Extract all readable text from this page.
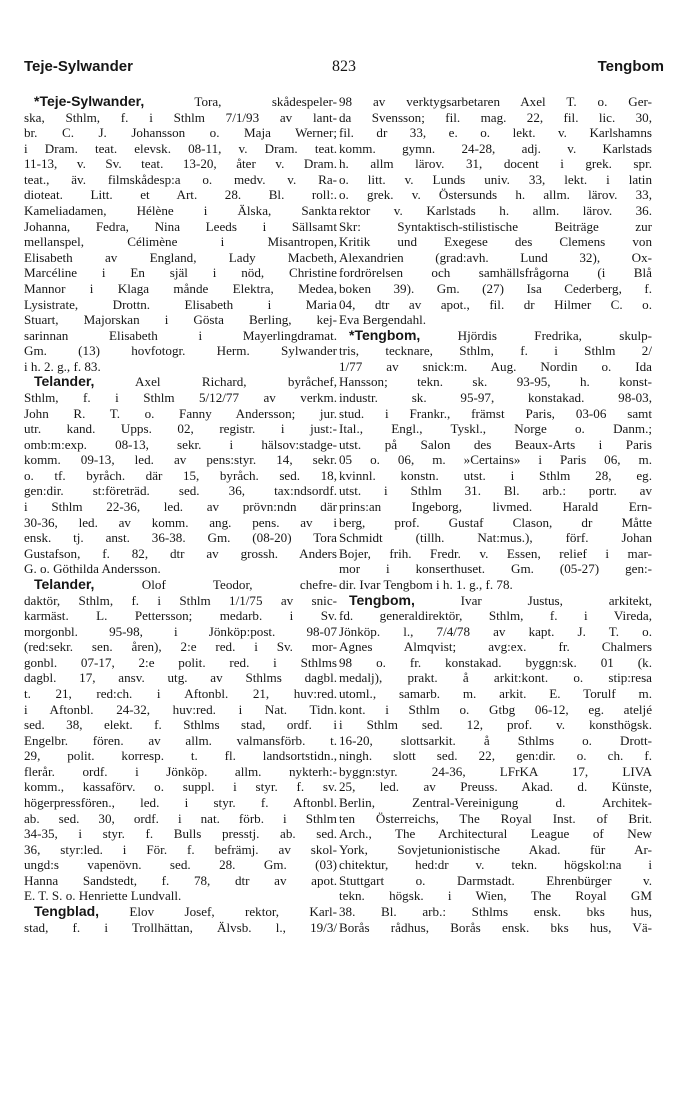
Teje-Sylwander	823	Tengbom
*Teje-Sylwander, Tora, skådespeler-
ska, Sthlm, f. i Sthlm 7/1/93 av lant-
br. C. J. Johansson o. Maja Werner;
i Dram. teat. elevsk. 08-11, v. Dram. teat.
11-13, v. Sv. teat. 13-20, åter v. Dram.
teat., äv. filmskådesp:a o. medv. v. Ra-
dioteat. Litt. et Art. 28. Bl. roll:.
Kameliadamen, Hélène i Älska, Sankta
Johanna, Fedra, Nina Leeds i Sällsamt
mellanspel, Célimène i Misantropen,
Elisabeth av England, Lady Macbeth,
Marcéline i En själ i nöd, Christine
Mannor i Klaga månde Elektra, Medea,
Lysistrate, Drottn. Elisabeth i Maria
Stuart, Majorskan i Gösta Berling, kej-
sarinnan Elisabeth i Mayerlingdramat.
Gm. (13) hovfotogr. Herm. Sylwander
i h. 2. g., f. 83.
Telander, Axel Richard, byråchef,
Sthlm, f. i Sthlm 5/12/77 av verkm.
John R. T. o. Fanny Andersson; jur.
utr. kand. Upps. 02, registr. i just:-
omb:m:exp. 08-13, sekr. i hälsov:stadge-
komm. 09-13, led. av pens:styr. 14, sekr.
o. tf. byråch. där 15, byråch. sed. 18,
gen:dir. st:företräd. sed. 36, tax:ndsordf.
i Sthlm 22-36, led. av prövn:ndn där
30-36, led. av komm. ang. pens. av i
ensk. tj. anst. 36-38. Gm. (08-20) Tora
Gustafson, f. 82, dtr av grossh. Anders
G. o. Göthilda Andersson.
Telander, Olof Teodor, chefre-
daktör, Sthlm, f. i Sthlm 1/1/75 av snic-
karmäst. L. Pettersson; medarb. i Sv.
morgonbl. 95-98, i Jönköp:post. 98-07
(red:sekr. sen. åren), 2:e red. i Sv. mor-
gonbl. 07-17, 2:e polit. red. i Sthlms
dagbl. 17, ansv. utg. av Sthlms dagbl.
t. 21, red:ch. i Aftonbl. 21, huv:red.
i Aftonbl. 24-32, huv:red. i Nat. Tidn.
sed. 38, elekt. f. Sthlms stad, ordf. i
Engelbr. fören. av allm. valmansförb. t.
29, polit. korresp. t. fl. landsortstidn.,
flerår. ordf. i Jönköp. allm. nykterh:-
komm., kassaförv. o. suppl. i styr. f. sv.
högerpressfören., led. i styr. f. Aftonbl.
ab. sed. 30, ordf. i nat. förb. i Sthlm
34-35, i styr. f. Bulls presstj. ab. sed.
36, styr:led. i För. f. befrämj. av skol-
ungd:s vapenövn. sed. 28. Gm. (03)
Hanna Sandstedt, f. 78, dtr av apot.
E. T. S. o. Henriette Lundvall.
Tengblad, Elov Josef, rektor, Karl-
stad, f. i Trollhättan, Älvsb. l., 19/3/
98 av verktygsarbetaren Axel T. o. Ger-
da Svensson; fil. mag. 22, fil. lic. 30,
fil. dr 33, e. o. lekt. v. Karlshamns
komm. gymn. 24-28, adj. v. Karlstads
h. allm lärov. 31, docent i grek. spr.
o. litt. v. Lunds univ. 33, lekt. i latin
o. grek. v. Östersunds h. allm. lärov. 33,
rektor v. Karlstads h. allm. lärov. 36.
Skr: Syntaktisch-stilistische Beiträge zur
Kritik und Exegese des Clemens von
Alexandrien (grad:avh. Lund 32), Ox-
fordrörelsen och samhällsfrågorna (i Blå
boken 39). Gm. (27) Isa Cederberg, f.
04, dtr av apot., fil. dr Hilmer C. o.
Eva Bergendahl.
*Tengbom, Hjördis Fredrika, skulp-
tris, tecknare, Sthlm, f. i Sthlm 2/
1/77 av snick:m. Aug. Nordin o. Ida
Hansson; tekn. sk. 93-95, h. konst-
industr. sk. 95-97, konstakad. 98-03,
stud. i Frankr., främst Paris, 03-06 samt
Ital., Engl., Tyskl., Norge o. Danm.;
utst. på Salon des Beaux-Arts i Paris
05 o. 06, m. »Certains» i Paris 06, m.
kvinnl. konstn. utst. i Sthlm 28, eg.
utst. i Sthlm 31. Bl. arb.: portr. av
prins:an Ingeborg, livmed. Harald Ern-
berg, prof. Gustaf Clason, dr Måtte
Schmidt (tillh. Nat:mus.), förf. Johan
Bojer, frih. Fredr. v. Essen, relief i mar-
mor i konserthuset. Gm. (05-27) gen:-
dir. Ivar Tengbom i h. 1. g., f. 78.
Tengbom, Ivar Justus, arkitekt,
fd. generaldirektör, Sthlm, f. i Vireda,
Jönköp. l., 7/4/78 av kapt. J. T. o.
Agnes Almqvist; avg:ex. fr. Chalmers
98 o. fr. konstakad. byggn:sk. 01 (k.
medalj), prakt. å arkit:kont. o. stip:resa
utoml., samarb. m. arkit. E. Torulf m.
kont. i Sthlm o. Gtbg 06-12, eg. ateljé
i Sthlm sed. 12, prof. v. konsthögsk.
16-20, slottsarkit. å Sthlms o. Drott-
ningh. slott sed. 22, gen:dir. o. ch. f.
byggn:styr. 24-36, LFrKA 17, LIVA
25, led. av Preuss. Akad. d. Künste,
Berlin, Zentral-Vereinigung d. Architek-
ten Österreichs, The Royal Inst. of Brit.
Arch., The Architectural League of New
York, Sovjetunionistische Akad. für Ar-
chitektur, hed:dr v. tekn. högskol:na i
Stuttgart o. Darmstadt. Ehrenbürger v.
tekn. högsk. i Wien, The Royal GM
38. Bl. arb.: Sthlms ensk. bks hus,
Borås rådhus, Borås ensk. bks hus, Vä-
